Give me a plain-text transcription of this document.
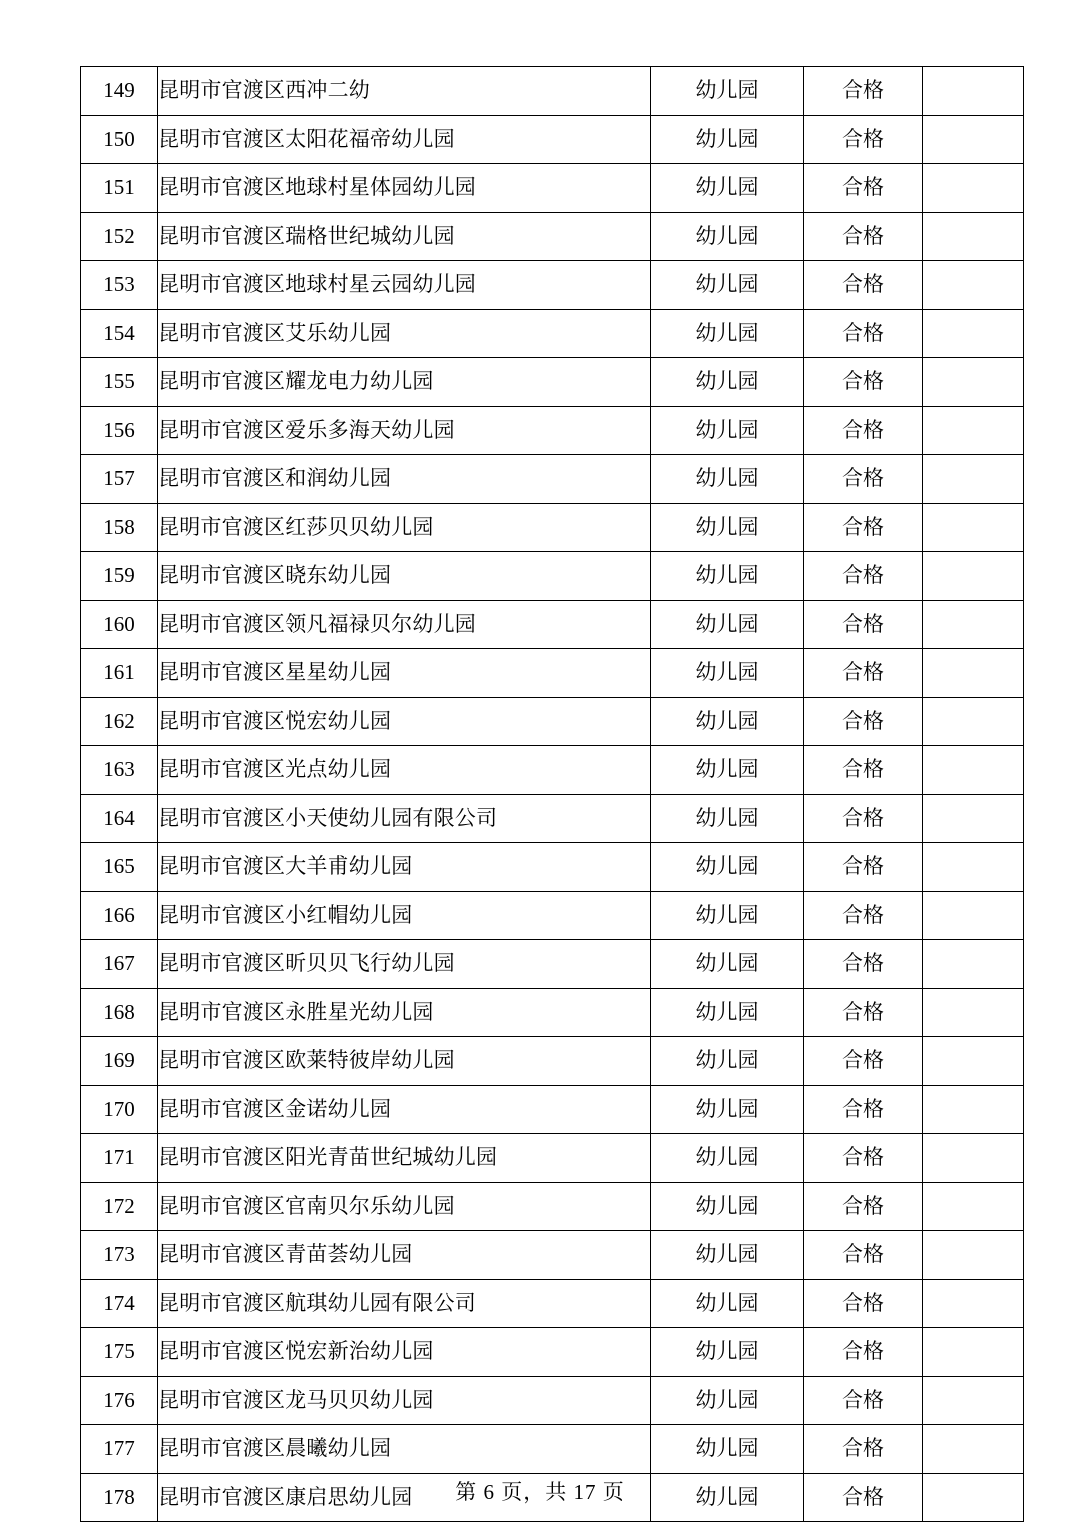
149	昆明市官渡区西冲二幼	幼儿园	合格	
150	昆明市官渡区太阳花福帝幼儿园	幼儿园	合格	
151	昆明市官渡区地球村星体园幼儿园	幼儿园	合格	
152	昆明市官渡区瑞格世纪城幼儿园	幼儿园	合格	
153	昆明市官渡区地球村星云园幼儿园	幼儿园	合格	
154	昆明市官渡区艾乐幼儿园	幼儿园	合格	
155	昆明市官渡区耀龙电力幼儿园	幼儿园	合格	
156	昆明市官渡区爱乐多海天幼儿园	幼儿园	合格	
157	昆明市官渡区和润幼儿园	幼儿园	合格	
158	昆明市官渡区红莎贝贝幼儿园	幼儿园	合格	
159	昆明市官渡区晓东幼儿园	幼儿园	合格	
160	昆明市官渡区领凡福禄贝尔幼儿园	幼儿园	合格	
161	昆明市官渡区星星幼儿园	幼儿园	合格	
162	昆明市官渡区悦宏幼儿园	幼儿园	合格	
163	昆明市官渡区光点幼儿园	幼儿园	合格	
164	昆明市官渡区小天使幼儿园有限公司	幼儿园	合格	
165	昆明市官渡区大羊甫幼儿园	幼儿园	合格	
166	昆明市官渡区小红帽幼儿园	幼儿园	合格	
167	昆明市官渡区昕贝贝飞行幼儿园	幼儿园	合格	
168	昆明市官渡区永胜星光幼儿园	幼儿园	合格	
169	昆明市官渡区欧莱特彼岸幼儿园	幼儿园	合格	
170	昆明市官渡区金诺幼儿园	幼儿园	合格	
171	昆明市官渡区阳光青苗世纪城幼儿园	幼儿园	合格	
172	昆明市官渡区官南贝尔乐幼儿园	幼儿园	合格	
173	昆明市官渡区青苗荟幼儿园	幼儿园	合格	
174	昆明市官渡区航琪幼儿园有限公司	幼儿园	合格	
175	昆明市官渡区悦宏新治幼儿园	幼儿园	合格	
176	昆明市官渡区龙马贝贝幼儿园	幼儿园	合格	
177	昆明市官渡区晨曦幼儿园	幼儿园	合格	
178	昆明市官渡区康启思幼儿园	幼儿园	合格	
第 6 页，共 17 页
